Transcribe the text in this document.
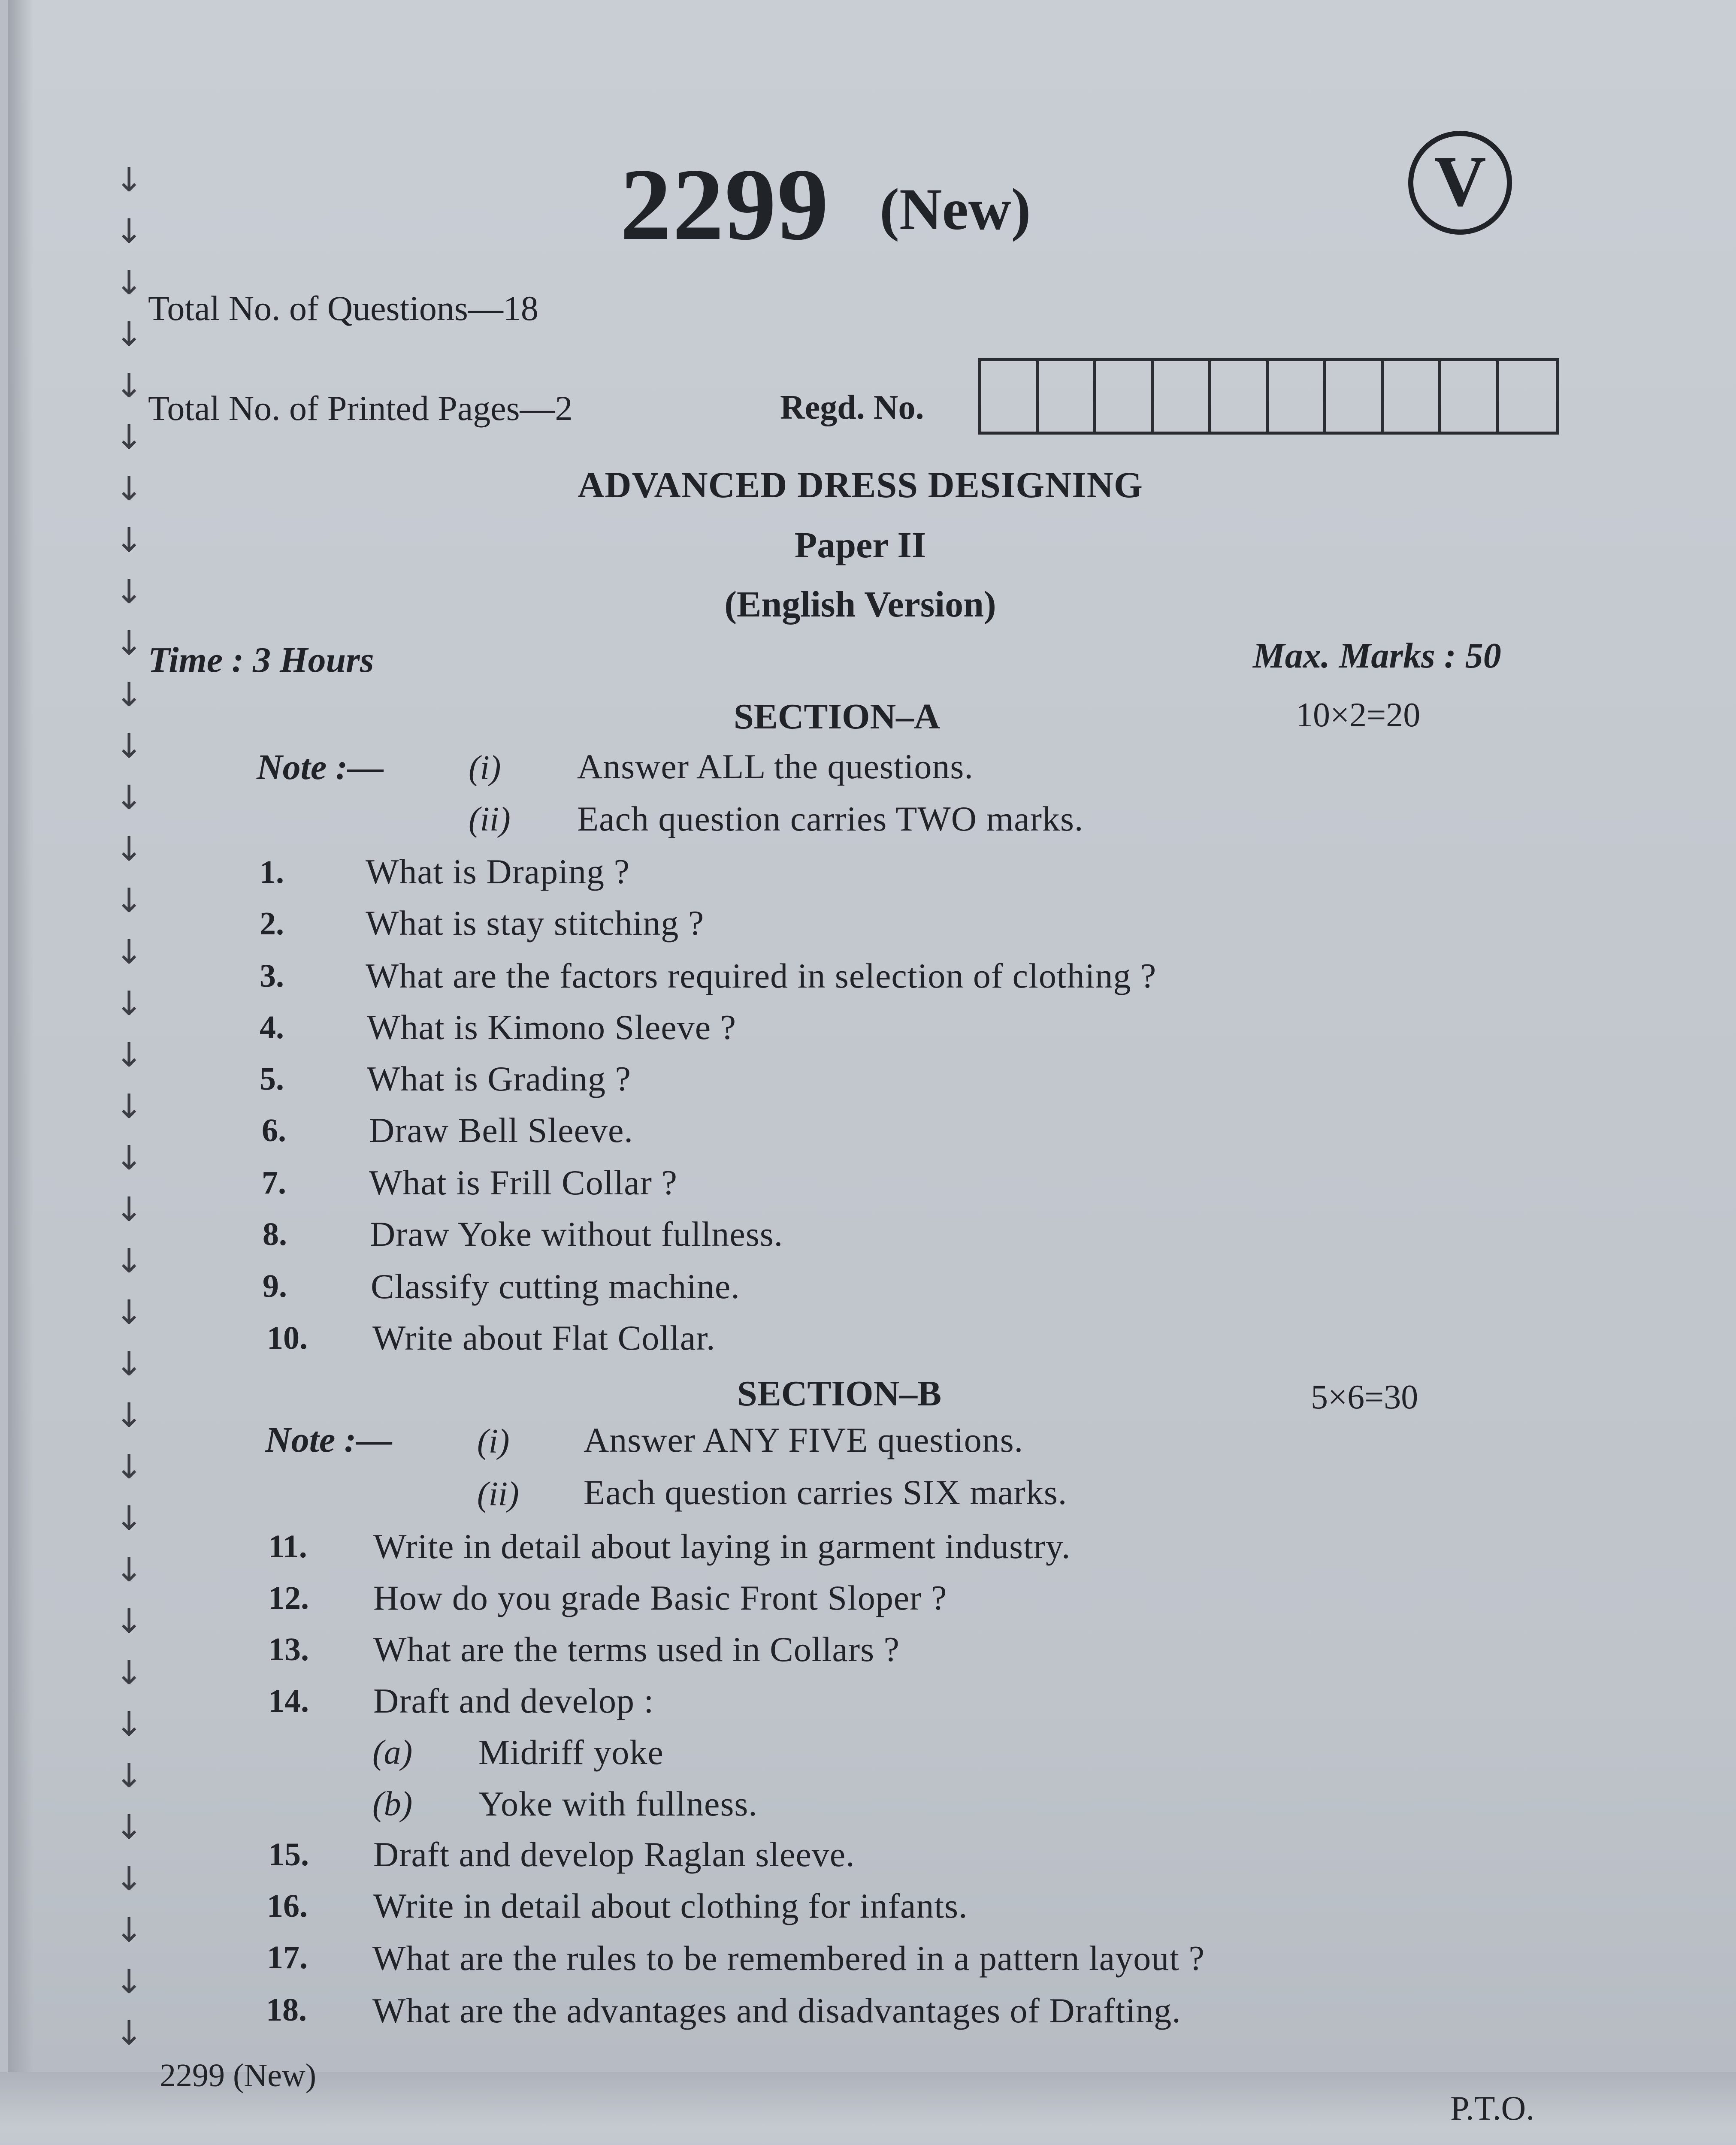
↓
↓
↓
↓
↓
↓
↓
↓
↓
↓
↓
↓
↓
↓
↓
↓
↓
↓
↓
↓
↓
↓
↓
↓
↓
↓
↓
↓
↓
↓
↓
↓
↓
↓
↓
↓
↓
2299 (New)	V
Total No. of Questions—18
Total No. of Printed Pages—2	Regd. No.
ADVANCED DRESS DESIGNING
Paper II
(English Version)
Time : 3 Hours	Max. Marks : 50
SECTION–A	10×2=20
Note :— (i) Answer ALL the questions.
(ii) Each question carries TWO marks.
1. What is Draping ?
2. What is stay stitching ?
3. What are the factors required in selection of clothing ?
4. What is Kimono Sleeve ?
5. What is Grading ?
6. Draw Bell Sleeve.
7. What is Frill Collar ?
8. Draw Yoke without fullness.
9. Classify cutting machine.
10. Write about Flat Collar.
SECTION–B	5×6=30
Note :— (i) Answer ANY FIVE questions.
(ii) Each question carries SIX marks.
11. Write in detail about laying in garment industry.
12. How do you grade Basic Front Sloper ?
13. What are the terms used in Collars ?
14. Draft and develop :
(a) Midriff yoke
(b) Yoke with fullness.
15. Draft and develop Raglan sleeve.
16. Write in detail about clothing for infants.
17. What are the rules to be remembered in a pattern layout ?
18. What are the advantages and disadvantages of Drafting.
2299 (New)
P.T.O.
